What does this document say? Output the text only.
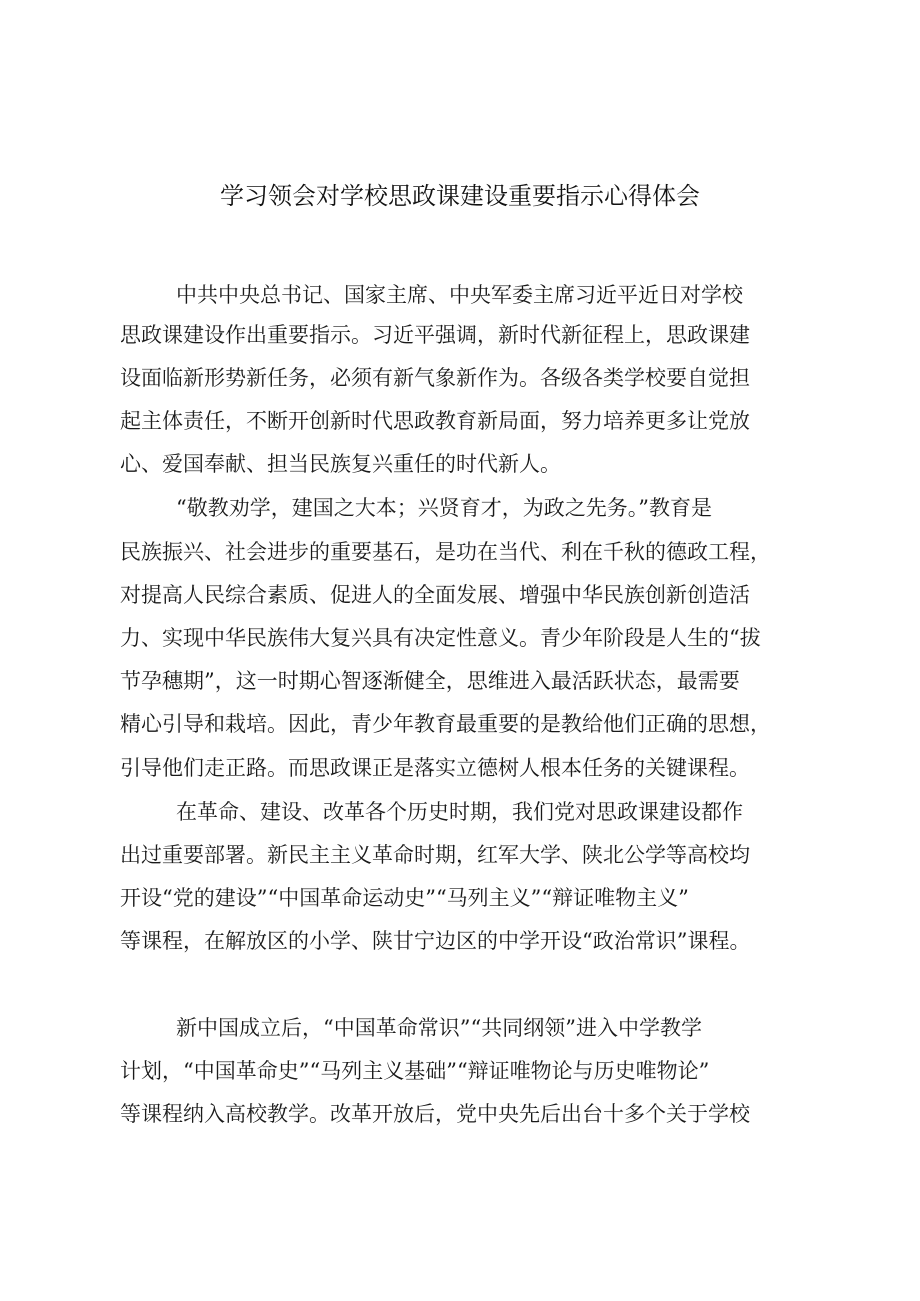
学习领会对学校思政课建设重要指示心得体会
中共中央总书记、国家主席、中央军委主席习近平近日对学校
思政课建设作出重要指示。习近平强调，新时代新征程上，思政课建
设面临新形势新任务，必须有新气象新作为。各级各类学校要自觉担
起主体责任，不断开创新时代思政教育新局面，努力培养更多让党放
心、爱国奉献、担当民族复兴重任的时代新人。
“敬教劝学，建国之大本；兴贤育才，为政之先务。”教育是
民族振兴、社会进步的重要基石，是功在当代、利在千秋的德政工程，
对提高人民综合素质、促进人的全面发展、增强中华民族创新创造活
力、实现中华民族伟大复兴具有决定性意义。青少年阶段是人生的“拔
节孕穗期”，这一时期心智逐渐健全，思维进入最活跃状态，最需要
精心引导和栽培。因此，青少年教育最重要的是教给他们正确的思想，
引导他们走正路。而思政课正是落实立德树人根本任务的关键课程。
在革命、建设、改革各个历史时期，我们党对思政课建设都作
出过重要部署。新民主主义革命时期，红军大学、陕北公学等高校均
开设“党的建设”“中国革命运动史”“马列主义”“辩证唯物主义”
等课程，在解放区的小学、陕甘宁边区的中学开设“政治常识”课程。
新中国成立后，“中国革命常识”“共同纲领”进入中学教学
计划，“中国革命史”“马列主义基础”“辩证唯物论与历史唯物论”
等课程纳入高校教学。改革开放后，党中央先后出台十多个关于学校
